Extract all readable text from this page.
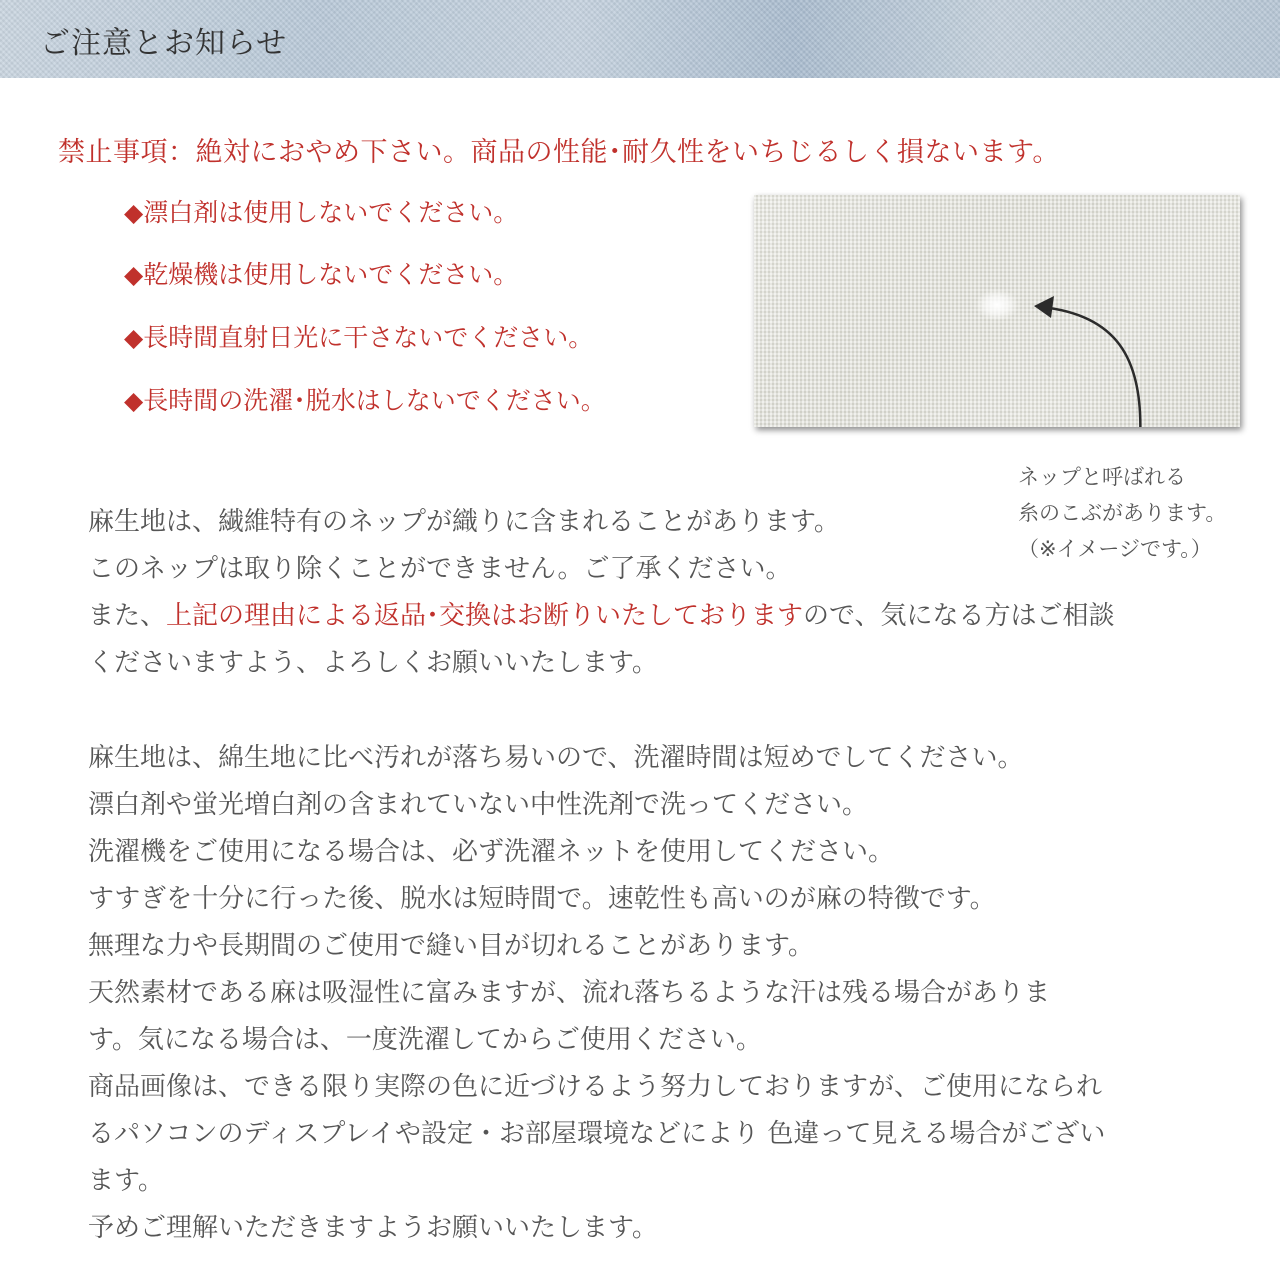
ご注意とお知らせ
禁止事項：絶対におやめ下さい。商品の性能･耐久性をいちじるしく損ないます。
◆漂白剤は使用しないでください。
◆乾燥機は使用しないでください。
◆長時間直射日光に干さないでください。
◆長時間の洗濯･脱水はしないでください。
ネップと呼ばれる
糸のこぶがあります。
（※イメージです。）
麻生地は、繊維特有のネップが織りに含まれることがあります。
このネップは取り除くことができません。ご了承ください。
また、上記の理由による返品･交換はお断りいたしておりますので、気になる方はご相談
くださいますよう、よろしくお願いいたします。
麻生地は、綿生地に比べ汚れが落ち易いので、洗濯時間は短めでしてください。
漂白剤や蛍光増白剤の含まれていない中性洗剤で洗ってください。
洗濯機をご使用になる場合は、必ず洗濯ネットを使用してください。
すすぎを十分に行った後、脱水は短時間で。速乾性も高いのが麻の特徴です。
無理な力や長期間のご使用で縫い目が切れることがあります。
天然素材である麻は吸湿性に富みますが、流れ落ちるような汗は残る場合がありま
す。気になる場合は、一度洗濯してからご使用ください。
商品画像は、できる限り実際の色に近づけるよう努力しておりますが、ご使用になられ
るパソコンのディスプレイや設定・お部屋環境などにより 色違って見える場合がござい
ます。
予めご理解いただきますようお願いいたします。
